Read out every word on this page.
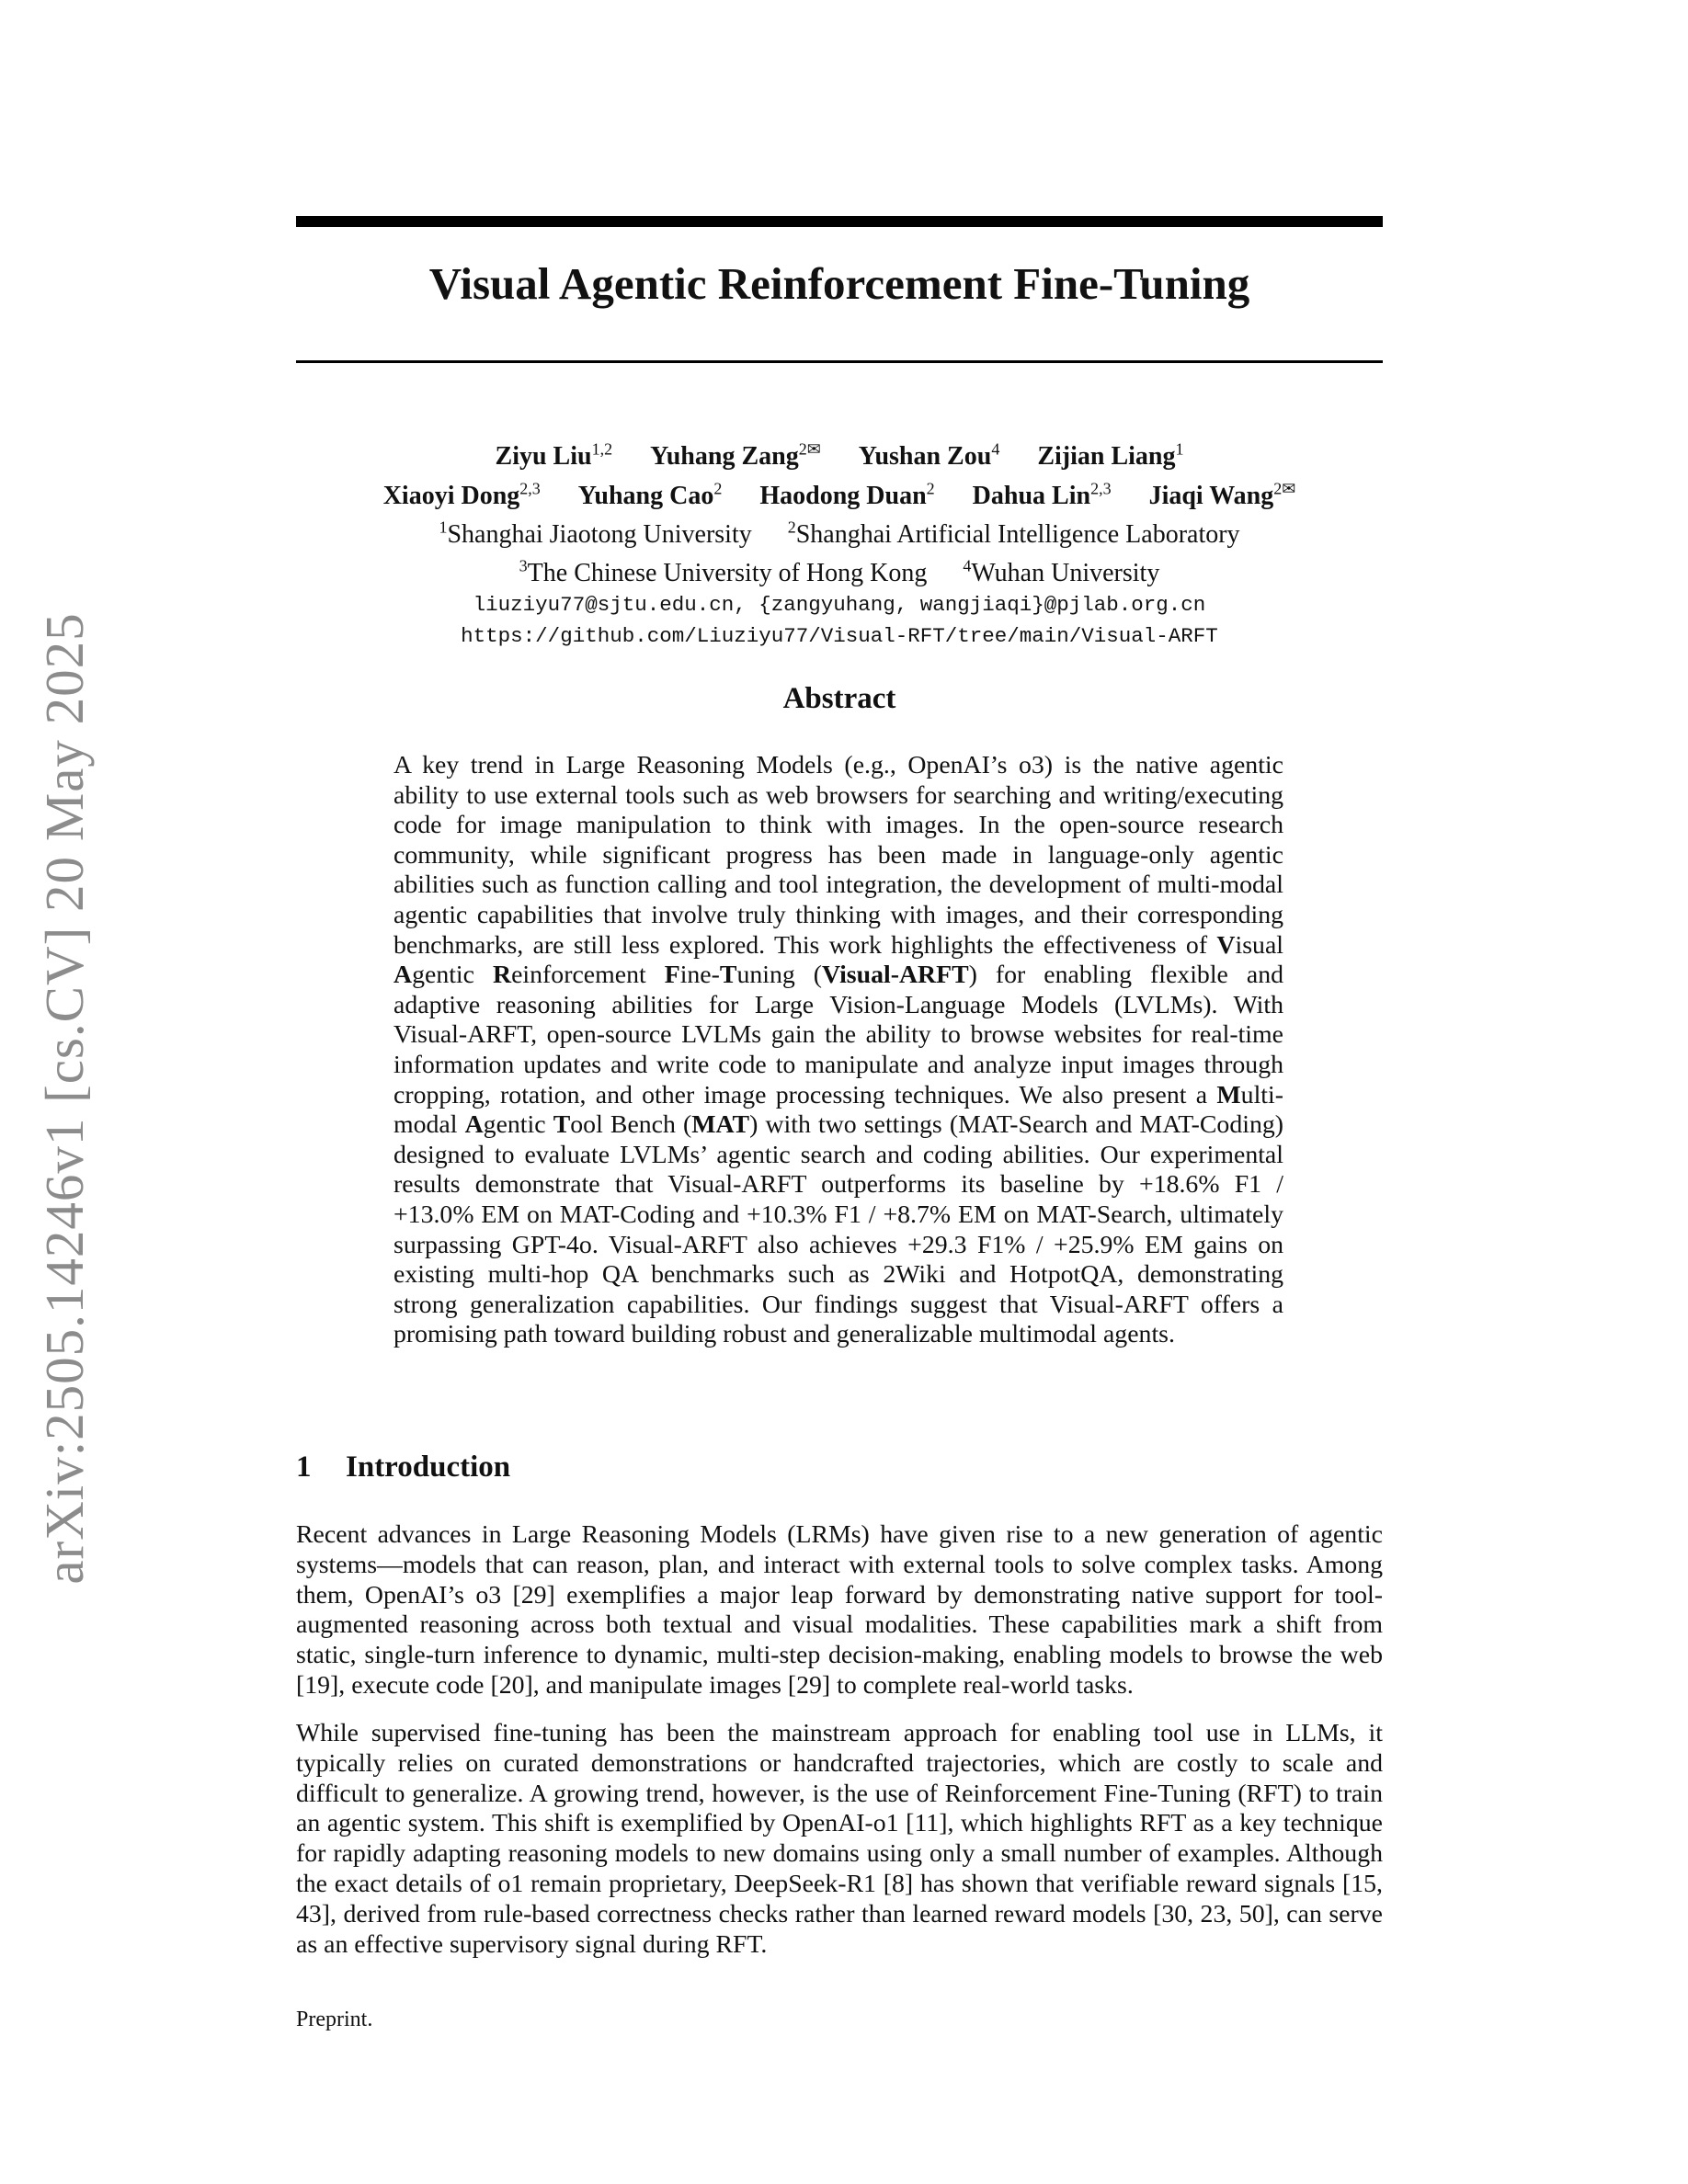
arXiv:2505.14246v1 [cs.CV] 20 May 2025
Visual Agentic Reinforcement Fine-Tuning
Ziyu Liu$^{1,2}$ Yuhang Zang$^{2✉}$ Yushan Zou$^4$ Zijian Liang$^1$
Xiaoyi Dong$^{2,3}$ Yuhang Cao$^2$ Haodong Duan$^2$ Dahua Lin$^{2,3}$ Jiaqi Wang$^{2✉}$
$^1$Shanghai Jiaotong University $^2$Shanghai Artificial Intelligence Laboratory
$^3$The Chinese University of Hong Kong $^4$Wuhan University
liuziyu77@sjtu.edu.cn, {zangyuhang, wangjiaqi}@pjlab.org.cn
https://github.com/Liuziyu77/Visual-RFT/tree/main/Visual-ARFT
Abstract

A key trend in Large Reasoning Models (e.g., OpenAI’s o3) is the native agentic ability to use external tools such as web browsers for searching and writing/executing code for image manipulation to think with images. In the open-source research community, while significant progress has been made in language-only agentic abilities such as function calling and tool integration, the development of multi-modal agentic capabilities that involve truly thinking with images, and their corresponding benchmarks, are still less explored. This work highlights the effectiveness of Visual Agentic Reinforcement Fine-Tuning (Visual-ARFT) for enabling flexible and adaptive reasoning abilities for Large Vision-Language Models (LVLMs). With Visual-ARFT, open-source LVLMs gain the ability to browse websites for real-time information updates and write code to manipulate and analyze input images through cropping, rotation, and other image processing techniques. We also present a Multi-modal Agentic Tool Bench (MAT) with two settings (MAT-Search and MAT-Coding) designed to evaluate LVLMs’ agentic search and coding abilities. Our experimental results demonstrate that Visual-ARFT outperforms its baseline by +18.6% F1 / +13.0% EM on MAT-Coding and +10.3% F1 / +8.7% EM on MAT-Search, ultimately surpassing GPT-4o. Visual-ARFT also achieves +29.3 F1% / +25.9% EM gains on existing multi-hop QA benchmarks such as 2Wiki and HotpotQA, demonstrating strong generalization capabilities. Our findings suggest that Visual-ARFT offers a promising path toward building robust and generalizable multimodal agents.

1 Introduction

Recent advances in Large Reasoning Models (LRMs) have given rise to a new generation of agentic systems—models that can reason, plan, and interact with external tools to solve complex tasks. Among them, OpenAI’s o3 [29] exemplifies a major leap forward by demonstrating native support for tool-augmented reasoning across both textual and visual modalities. These capabilities mark a shift from static, single-turn inference to dynamic, multi-step decision-making, enabling models to browse the web [19], execute code [20], and manipulate images [29] to complete real-world tasks.

While supervised fine-tuning has been the mainstream approach for enabling tool use in LLMs, it typically relies on curated demonstrations or handcrafted trajectories, which are costly to scale and difficult to generalize. A growing trend, however, is the use of Reinforcement Fine-Tuning (RFT) to train an agentic system. This shift is exemplified by OpenAI-o1 [11], which highlights RFT as a key technique for rapidly adapting reasoning models to new domains using only a small number of examples. Although the exact details of o1 remain proprietary, DeepSeek-R1 [8] has shown that verifiable reward signals [15, 43], derived from rule-based correctness checks rather than learned reward models [30, 23, 50], can serve as an effective supervisory signal during RFT.

Preprint.
